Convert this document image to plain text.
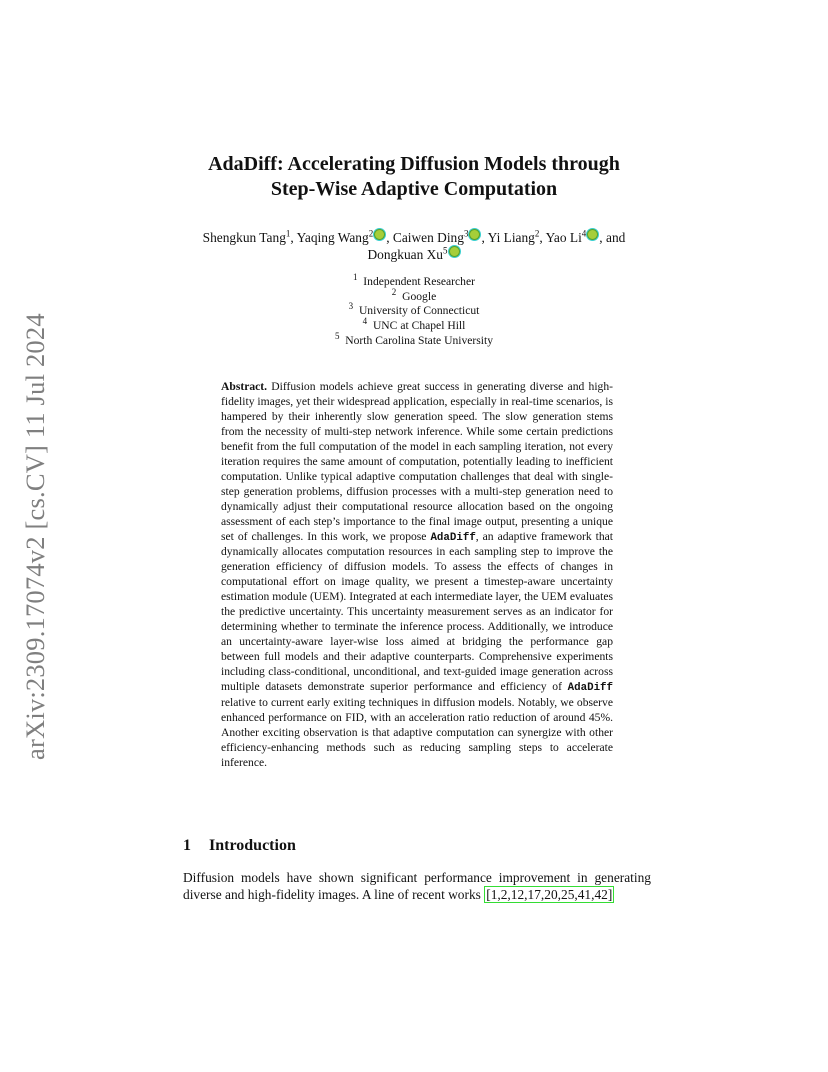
arXiv:2309.17074v2 [cs.CV] 11 Jul 2024
AdaDiff: Accelerating Diffusion Models through
Step-Wise Adaptive Computation
Shengkun Tang$^1$, Yaqing Wang$^2$ , Caiwen Ding$^3$ , Yi Liang$^2$, Yao Li$^4$ , and
Dongkuan Xu$^5$
$^1$ Independent Researcher
$^2$ Google
$^3$ University of Connecticut
$^4$ UNC at Chapel Hill
$^5$ North Carolina State University
Abstract. Diffusion models achieve great success in generating diverse and high-fidelity images, yet their widespread application, especially in real-time scenarios, is hampered by their inherently slow generation speed. The slow generation stems from the necessity of multi-step network inference. While some certain predictions benefit from the full computation of the model in each sampling iteration, not every iteration requires the same amount of computation, potentially leading to inefficient computation. Unlike typical adaptive computation challenges that deal with single-step generation problems, diffusion processes with a multi-step generation need to dynamically adjust their computational resource allocation based on the ongoing assessment of each step’s importance to the final image output, presenting a unique set of challenges. In this work, we propose AdaDiff, an adaptive framework that dynamically allocates computation resources in each sampling step to improve the generation efficiency of diffusion models. To assess the effects of changes in computational effort on image quality, we present a timestep-aware uncertainty estimation module (UEM). Integrated at each intermediate layer, the UEM evaluates the predictive uncertainty. This uncertainty measurement serves as an indicator for determining whether to terminate the inference process. Additionally, we introduce an uncertainty-aware layer-wise loss aimed at bridging the performance gap between full models and their adaptive counterparts. Comprehensive experiments including class-conditional, unconditional, and text-guided image generation across multiple datasets demonstrate superior performance and efficiency of AdaDiff relative to current early exiting techniques in diffusion models. Notably, we observe enhanced performance on FID, with an acceleration ratio reduction of around 45%. Another exciting observation is that adaptive computation can synergize with other efficiency-enhancing methods such as reducing sampling steps to accelerate inference.
1 Introduction
Diffusion models have shown significant performance improvement in generating diverse and high-fidelity images. A line of recent works [1,2,12,17,20,25,41,42]
